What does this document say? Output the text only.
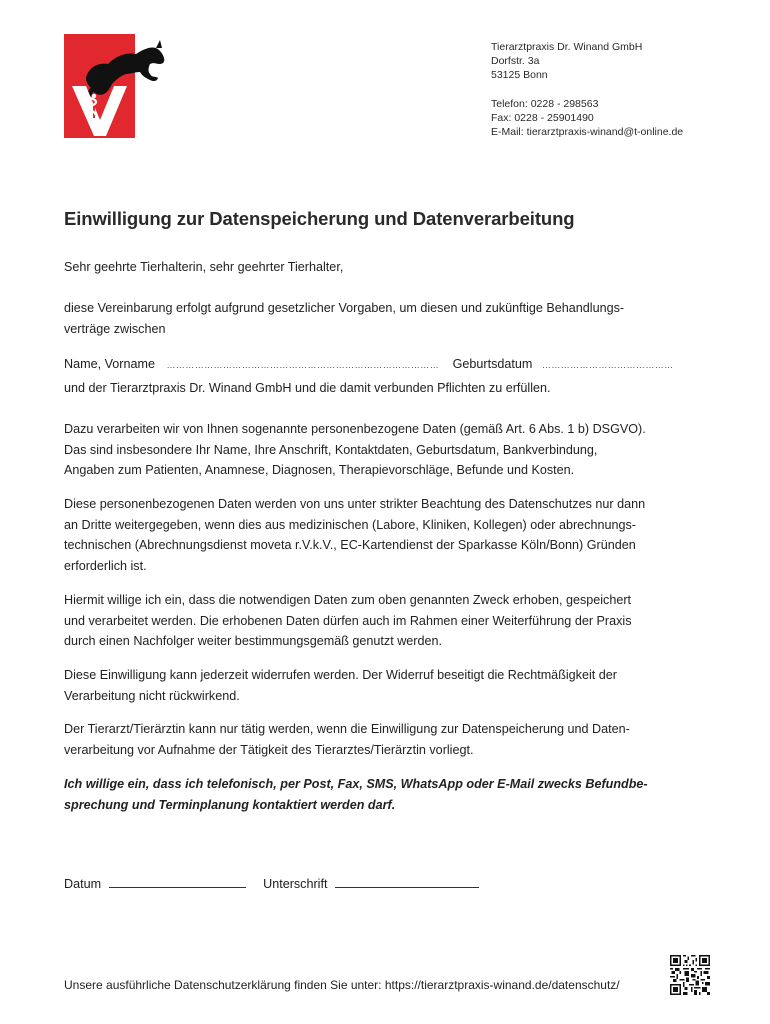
Tierarztpraxis Dr. Winand GmbH
Dorfstr. 3a
53125 Bonn
Telefon: 0228 - 298563
Fax: 0228 - 25901490
E-Mail: tierarztpraxis-winand@t-online.de
Einwilligung zur Datenspeicherung und Datenverarbeitung
Sehr geehrte Tierhalterin, sehr geehrter Tierhalter,
diese Vereinbarung erfolgt aufgrund gesetzlicher Vorgaben, um diesen und zukünftige Behandlungs-
verträge zwischen
Name, Vorname …………………………………………………………………………… Geburtsdatum ……………………………………
und der Tierarztpraxis Dr. Winand GmbH und die damit verbunden Pflichten zu erfüllen.
Dazu verarbeiten wir von Ihnen sogenannte personenbezogene Daten (gemäß Art. 6 Abs. 1 b) DSGVO).
Das sind insbesondere Ihr Name, Ihre Anschrift, Kontaktdaten, Geburtsdatum, Bankverbindung,
Angaben zum Patienten, Anamnese, Diagnosen, Therapievorschläge, Befunde und Kosten.
Diese personenbezogenen Daten werden von uns unter strikter Beachtung des Datenschutzes nur dann
an Dritte weitergegeben, wenn dies aus medizinischen (Labore, Kliniken, Kollegen) oder abrechnungs-
technischen (Abrechnungsdienst moveta r.V.k.V., EC-Kartendienst der Sparkasse Köln/Bonn) Gründen
erforderlich ist.
Hiermit willige ich ein, dass die notwendigen Daten zum oben genannten Zweck erhoben, gespeichert
und verarbeitet werden. Die erhobenen Daten dürfen auch im Rahmen einer Weiterführung der Praxis
durch einen Nachfolger weiter bestimmungsgemäß genutzt werden.
Diese Einwilligung kann jederzeit widerrufen werden. Der Widerruf beseitigt die Rechtmäßigkeit der
Verarbeitung nicht rückwirkend.
Der Tierarzt/Tierärztin kann nur tätig werden, wenn die Einwilligung zur Datenspeicherung und Daten-
verarbeitung vor Aufnahme der Tätigkeit des Tierarztes/Tierärztin vorliegt.
Ich willige ein, dass ich telefonisch, per Post, Fax, SMS, WhatsApp oder E-Mail zwecks Befundbe-
sprechung und Terminplanung kontaktiert werden darf.
Datum	Unterschrift
Unsere ausführliche Datenschutzerklärung finden Sie unter: https://tierarztpraxis-winand.de/datenschutz/
